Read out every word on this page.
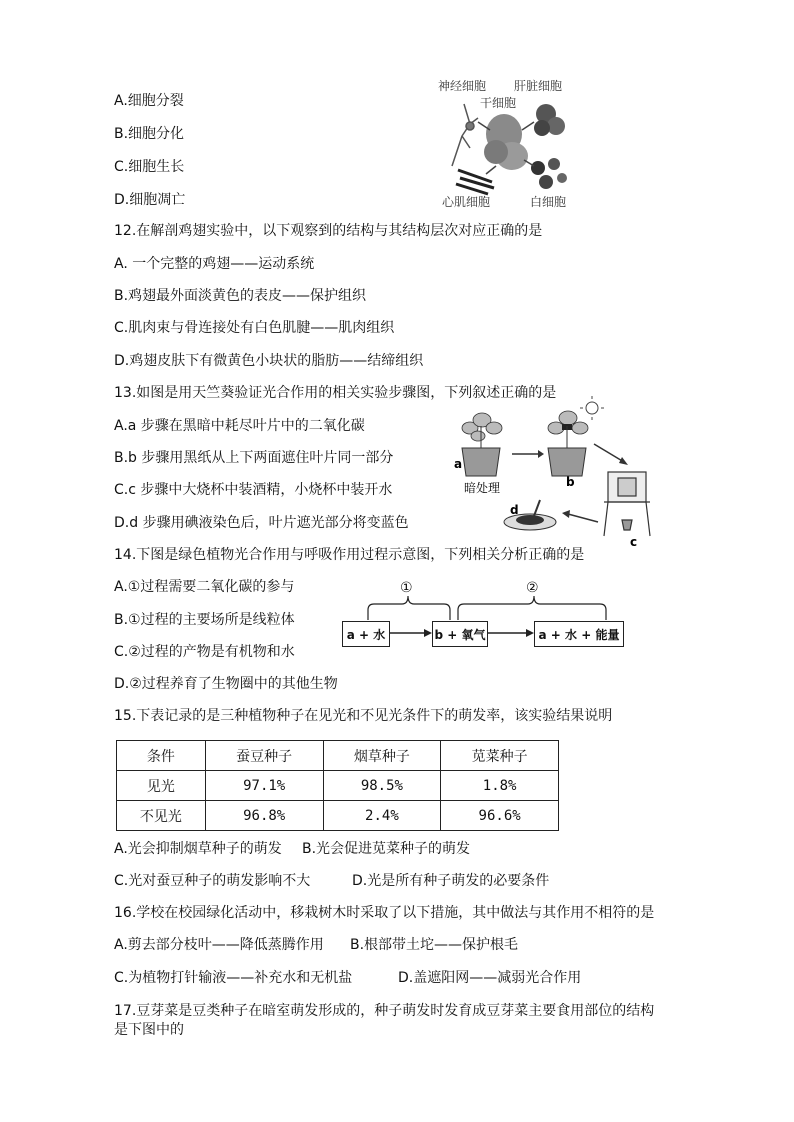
A.细胞分裂
B.细胞分化
C.细胞生长
D.细胞凋亡
神经细胞 肝脏细胞
干细胞
心肌细胞	白细胞
12.在解剖鸡翅实验中，以下观察到的结构与其结构层次对应正确的是
A. 一个完整的鸡翅——运动系统
B.鸡翅最外面淡黄色的表皮——保护组织
C.肌肉束与骨连接处有白色肌腱——肌肉组织
D.鸡翅皮肤下有微黄色小块状的脂肪——结缔组织
13.如图是用天竺葵验证光合作用的相关实验步骤图，下列叙述正确的是
A.a 步骤在黑暗中耗尽叶片中的二氧化碳
B.b 步骤用黑纸从上下两面遮住叶片同一部分
C.c 步骤中大烧杯中装酒精，小烧杯中装开水
D.d 步骤用碘液染色后，叶片遮光部分将变蓝色
a
暗处理	b
c
d
14.下图是绿色植物光合作用与呼吸作用过程示意图，下列相关分析正确的是
A.①过程需要二氧化碳的参与
B.①过程的主要场所是线粒体
C.②过程的产物是有机物和水
D.②过程养育了生物圈中的其他生物
①	②
a + 水	b + 氧气	a + 水 + 能量
15.下表记录的是三种植物种子在见光和不见光条件下的萌发率，该实验结果说明
条件	蚕豆种子	烟草种子	苋菜种子
见光	97.1%	98.5%	1.8%
不见光	96.8%	2.4%	96.6%
A.光会抑制烟草种子的萌发 B.光会促进苋菜种子的萌发
C.光对蚕豆种子的萌发影响不大	D.光是所有种子萌发的必要条件
16.学校在校园绿化活动中，移栽树木时采取了以下措施，其中做法与其作用不相符的是
A.剪去部分枝叶——降低蒸腾作用 B.根部带土坨——保护根毛
C.为植物打针输液——补充水和无机盐	D.盖遮阳网——减弱光合作用
17.豆芽菜是豆类种子在暗室萌发形成的，种子萌发时发育成豆芽菜主要食用部位的结构
是下图中的
